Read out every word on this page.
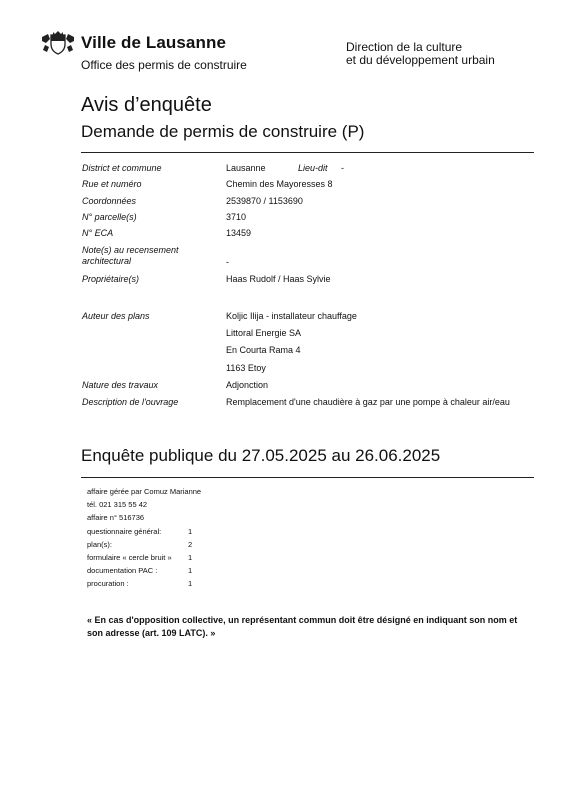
Ville de Lausanne
Office des permis de construire
Direction de la culture
et du développement urbain
Avis d’enquête
Demande de permis de construire (P)
District et commune	Lausanne	Lieu-dit -
Rue et numéro	Chemin des Mayoresses 8
Coordonnées	2539870 / 1153690
N° parcelle(s)	3710
N° ECA	13459
Note(s) au recensement architectural	-
Propriétaire(s)	Haas Rudolf / Haas Sylvie
Auteur des plans	Koljic Ilija - installateur chauffage
Littoral Energie SA
En Courta Rama 4
1163 Etoy
Nature des travaux	Adjonction
Description de l'ouvrage	Remplacement d'une chaudière à gaz par une pompe à chaleur air/eau
Enquête publique du 27.05.2025 au 26.06.2025
affaire gérée par Comuz Marianne
tél. 021 315 55 42
affaire n° 516736
questionnaire général:	1
plan(s):	2
formulaire « cercle bruit » 1
documentation PAC :	1
procuration :	1
« En cas d'opposition collective, un représentant commun doit être désigné en indiquant son nom et son adresse (art. 109 LATC). »
